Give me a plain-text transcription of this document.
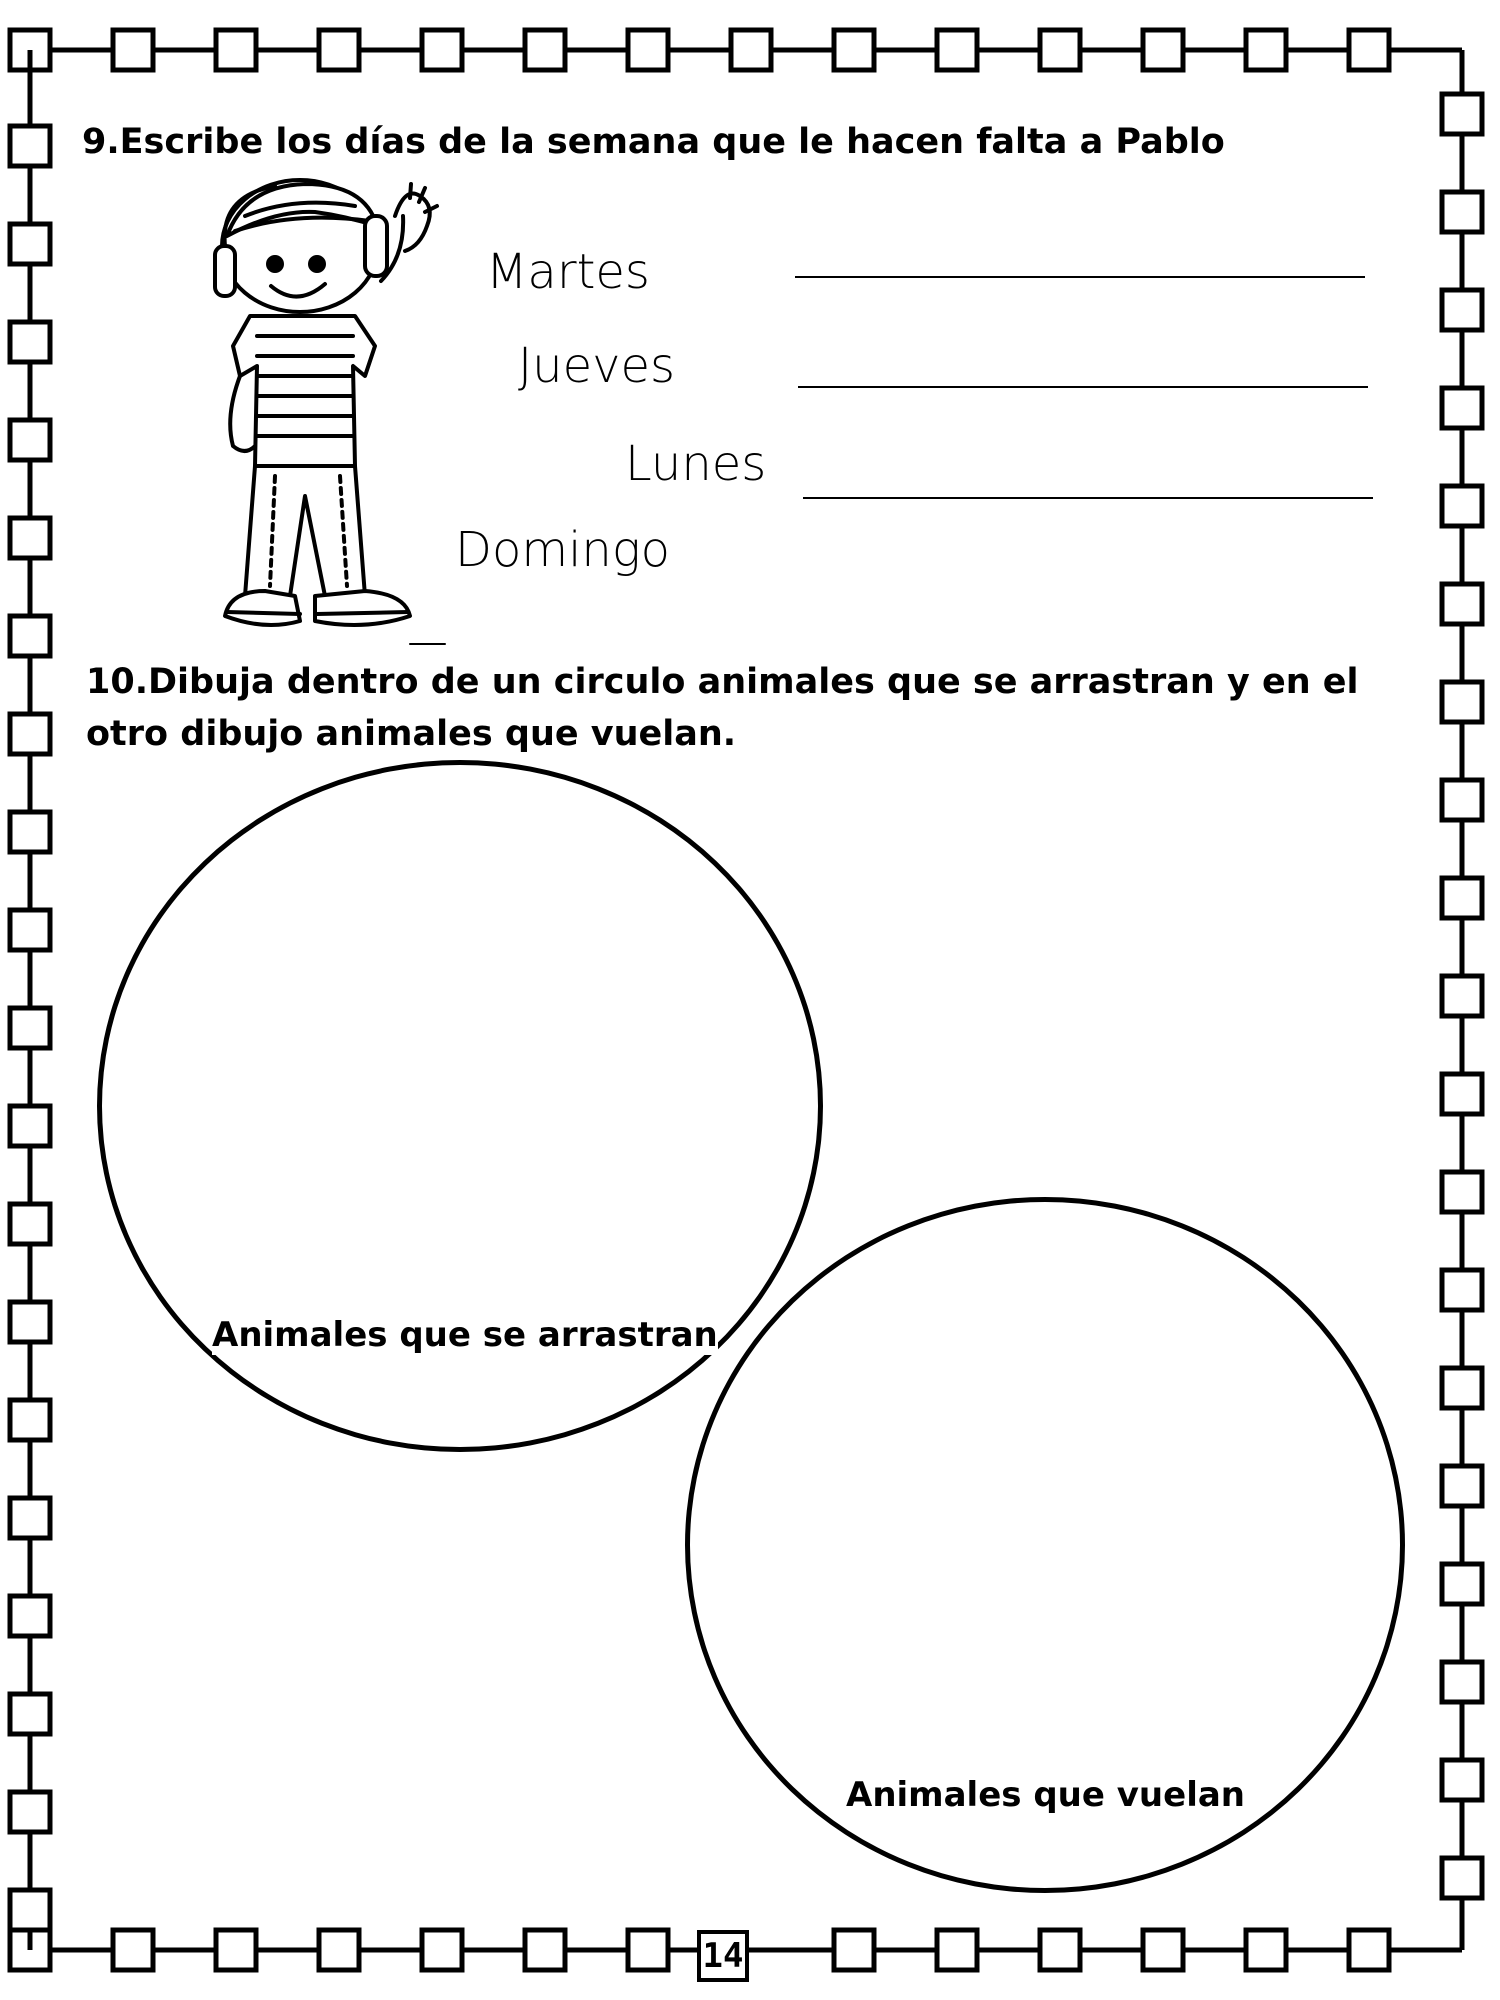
9.Escribe los días de la semana que le hacen falta a Pablo
Martes
Jueves
Lunes
Domingo
10.Dibuja dentro de un circulo animales que se arrastran y en el otro dibujo animales que vuelan.
Animales que se arrastran
Animales que vuelan
14
